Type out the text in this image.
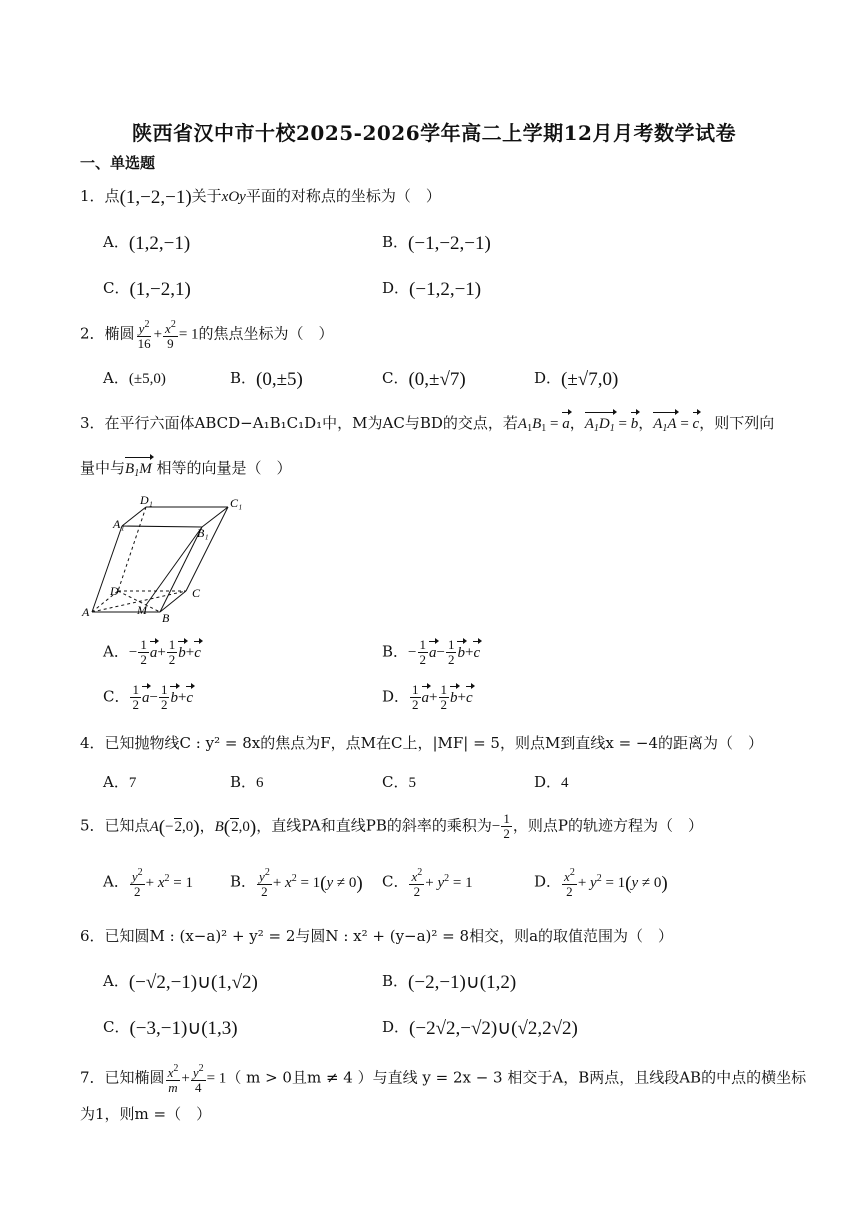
陕西省汉中市十校2025-2026学年高二上学期12月月考数学试卷
一、单选题
1．点(1,−2,−1)关于xOy平面的对称点的坐标为（　）
A．(1,2,−1)	B．(−1,−2,−1)
C．(1,−2,1)	D．(−1,2,−1)
2．椭圆 $\frac{y^2}{16} + \frac{x^2}{9} = 1$的焦点坐标为（　）
A．(±5,0)	B．(0,±5)	C．(0,±√7)	D．(±√7,0)
3．在平行六面体ABCD−A₁B₁C₁D₁中，M为AC与BD的交点，若$A_1B_1 = a$，$A_1D_1 = b$，$A_1A = c$，则下列向
量中与$B_1M$ 相等的向量是（　）
D₁	C₁
A₁
B₁
D	C
A	M
B
A．− $\frac{1}{2} a+ \frac{1}{2} b+c$	B．− $\frac{1}{2} a- \frac{1}{2} b+c$
C． $\frac{1}{2} a- \frac{1}{2} b+c$	D． $\frac{1}{2} a+ \frac{1}{2} b+c$
4．已知抛物线C : y² = 8x的焦点为F，点M在C上，|MF| = 5，则点M到直线x = −4的距离为（　）
A．7	B．6	C．5	D．4
5．已知点A(−2,0)，B(2,0)，直线PA和直线PB的斜率的乘积为− $\frac{1}{2}$ ，则点P的轨迹方程为（　）
A． $\frac{y^2}{2} + x^2 = 1$ B． $\frac{y^2}{2} + x^2 = 1(y \ne 0)$ C． $\frac{x^2}{2} + y^2 = 1$	D． $\frac{x^2}{2} + y^2 = 1(y \ne 0)$
6．已知圆M : (x−a)² + y² = 2与圆N : x² + (y−a)² = 8相交，则a的取值范围为（　）
A．(−√2,−1)∪(1,√2)	B．(−2,−1)∪(1,2)
C．(−3,−1)∪(1,3)	D．(−2√2,−√2)∪(√2,2√2)
7．已知椭圆 $\frac{x^2}{m} + \frac{y^2}{4} = 1$（ m > 0且m ≠ 4 ）与直线 y = 2x − 3 相交于A，B两点，且线段AB的中点的横坐标
为1，则m =（　）
